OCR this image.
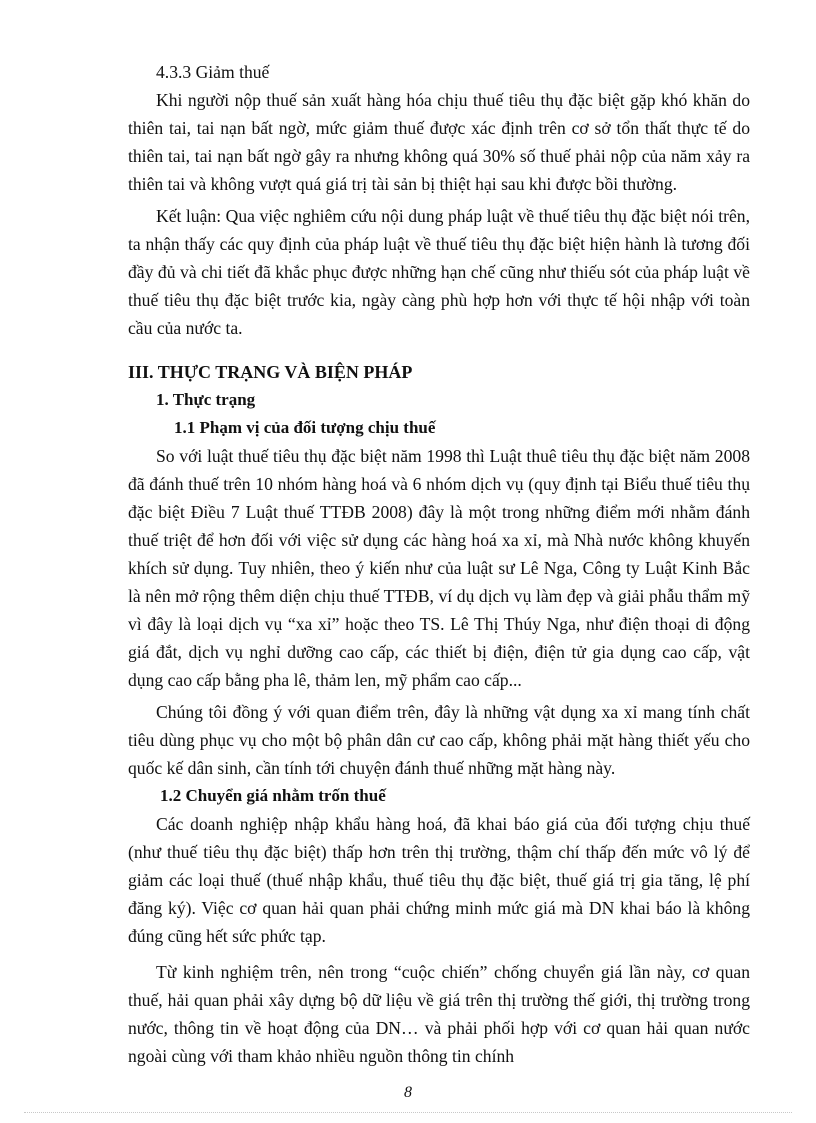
4.3.3 Giảm thuế

Khi người nộp thuế sản xuất hàng hóa chịu thuế tiêu thụ đặc biệt gặp khó khăn do thiên tai, tai nạn bất ngờ, mức giảm thuế được xác định trên cơ sở tổn thất thực tế do thiên tai, tai nạn bất ngờ gây ra nhưng không quá 30% số thuế phải nộp của năm xảy ra thiên tai và không vượt quá giá trị tài sản bị thiệt hại sau khi được bồi thường.

Kết luận: Qua việc nghiêm cứu nội dung pháp luật về thuế tiêu thụ đặc biệt nói trên, ta nhận thấy các quy định của pháp luật về thuế tiêu thụ đặc biệt hiện hành là tương đối đầy đủ và chi tiết đã khắc phục được những hạn chế cũng như thiếu sót của pháp luật về thuế tiêu thụ đặc biệt trước kia, ngày càng phù hợp hơn với thực tế hội nhập với toàn cầu của nước ta.

III. THỰC TRẠNG VÀ BIỆN PHÁP

1. Thực trạng

1.1 Phạm vị của đối tượng chịu thuế

So với luật thuế tiêu thụ đặc biệt năm 1998 thì Luật thuê tiêu thụ đặc biệt năm 2008 đã đánh thuế trên 10 nhóm hàng hoá và 6 nhóm dịch vụ (quy định tại Biểu thuế tiêu thụ đặc biệt Điều 7 Luật thuế TTĐB 2008) đây là một trong những điểm mới nhằm đánh thuế triệt để hơn đối với việc sử dụng các hàng hoá xa xỉ, mà Nhà nước không khuyến khích sử dụng. Tuy nhiên, theo ý kiến như của luật sư Lê Nga, Công ty Luật Kinh Bắc là nên mở rộng thêm diện chịu thuế TTĐB, ví dụ dịch vụ làm đẹp và giải phẫu thẩm mỹ vì đây là loại dịch vụ “xa xỉ” hoặc theo TS. Lê Thị Thúy Nga, như điện thoại di động giá đắt, dịch vụ nghỉ dưỡng cao cấp, các thiết bị điện, điện tử gia dụng cao cấp, vật dụng cao cấp bằng pha lê, thảm len, mỹ phẩm cao cấp...

Chúng tôi đồng ý với quan điểm trên, đây là những vật dụng xa xỉ mang tính chất tiêu dùng phục vụ cho một bộ phân dân cư cao cấp, không phải mặt hàng thiết yếu cho quốc kế dân sinh, cần tính tới chuyện đánh thuế những mặt hàng này.

1.2 Chuyển giá nhằm trốn thuế

Các doanh nghiệp nhập khẩu hàng hoá, đã khai báo giá của đối tượng chịu thuế (như thuế tiêu thụ đặc biệt) thấp hơn trên thị trường, thậm chí thấp đến mức vô lý để giảm các loại thuế (thuế nhập khẩu, thuế tiêu thụ đặc biệt, thuế giá trị gia tăng, lệ phí đăng ký). Việc cơ quan hải quan phải chứng minh mức giá mà DN khai báo là không đúng cũng hết sức phức tạp.

Từ kinh nghiệm trên, nên trong “cuộc chiến” chống chuyển giá lần này, cơ quan thuế, hải quan phải xây dựng bộ dữ liệu về giá trên thị trường thế giới, thị trường trong nước, thông tin về hoạt động của DN… và phải phối hợp với cơ quan hải quan nước ngoài cùng với tham khảo nhiều nguồn thông tin chính

8
